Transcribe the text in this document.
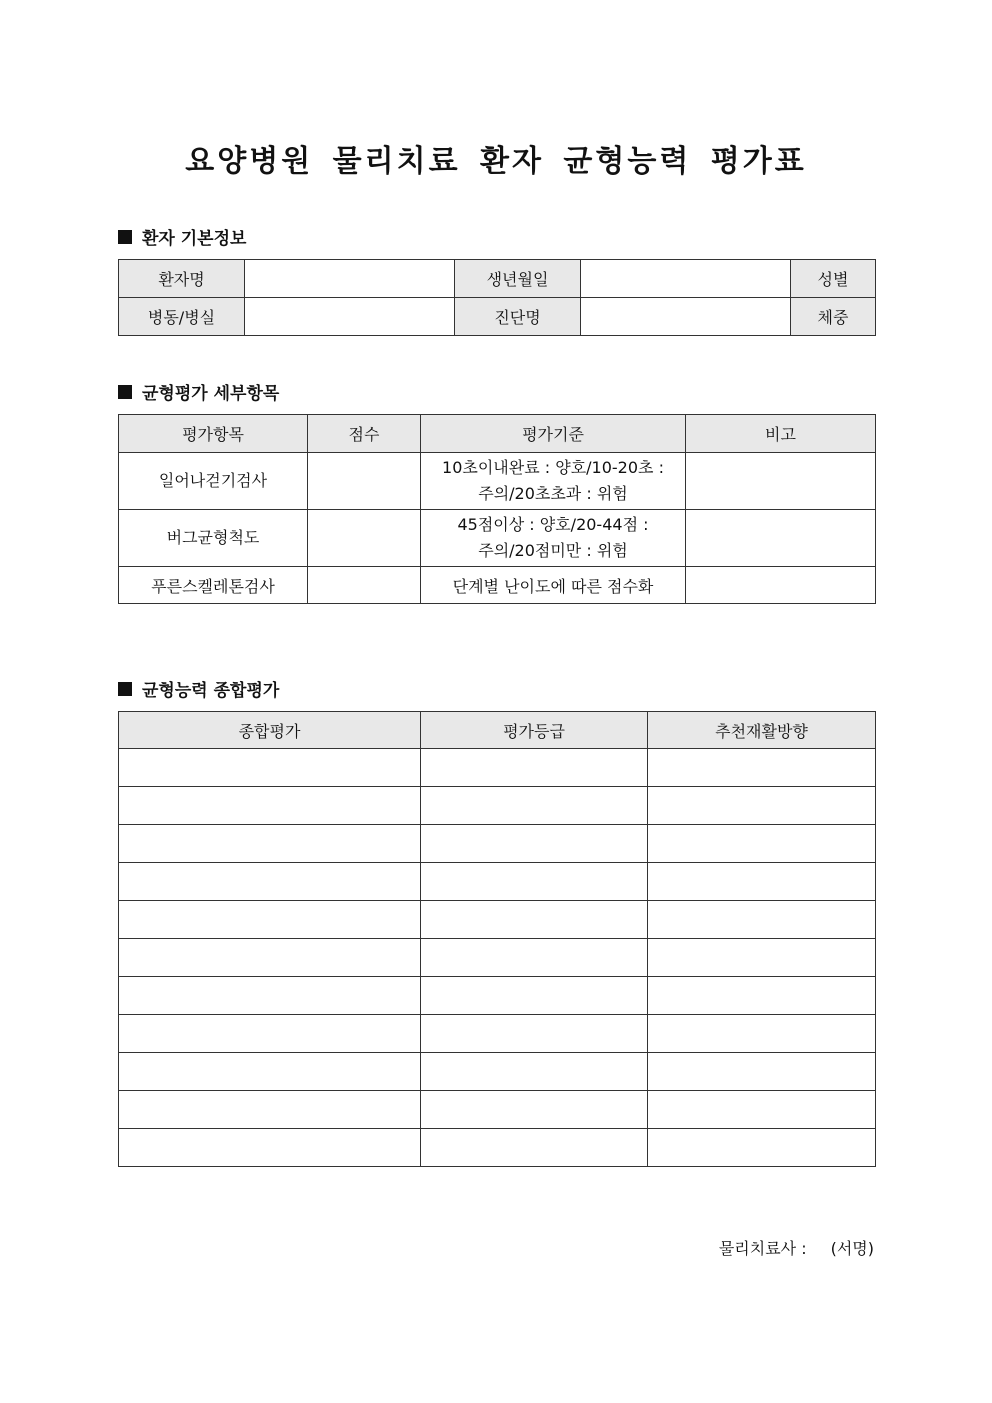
요양병원 물리치료 환자 균형능력 평가표
환자 기본정보
환자명		생년월일		성별
병동/병실		진단명		체중
균형평가 세부항목
평가항목	점수	평가기준	비고
일어나걷기검사		10초이내완료 : 양호/10-20초 :
주의/20초초과 : 위험	

버그균형척도		45점이상 : 양호/20-44점 :
주의/20점미만 : 위험	

푸른스켈레톤검사		단계별 난이도에 따른 점수화	
균형능력 종합평가
종합평가	평가등급	추천재활방향

물리치료사 : (서명)
